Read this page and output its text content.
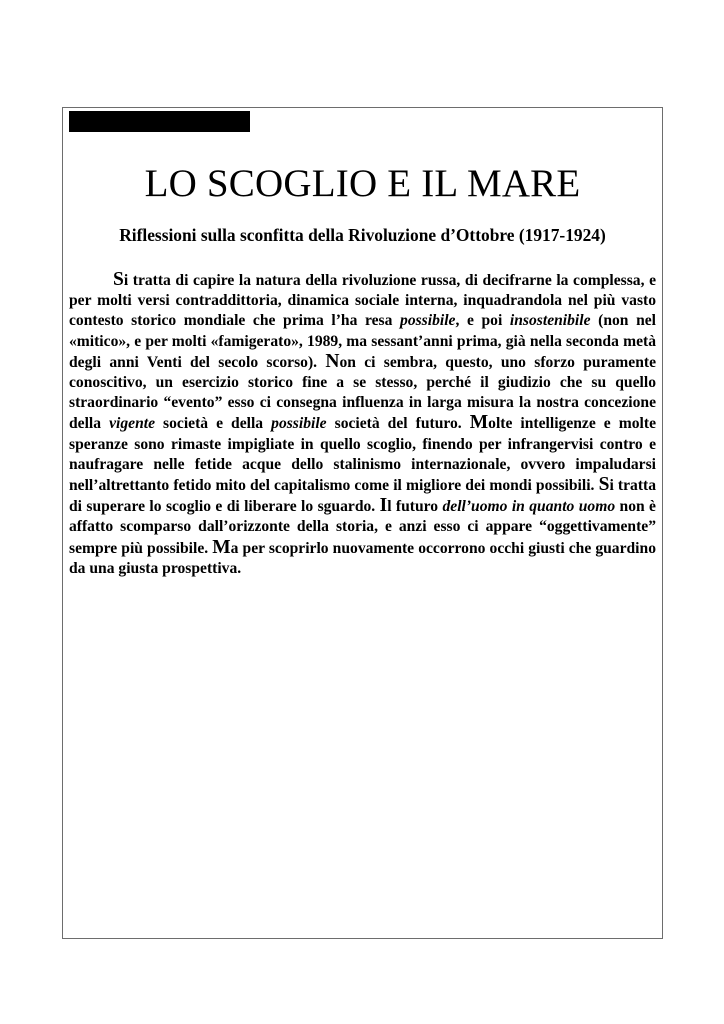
LO SCOGLIO E IL MARE
Riflessioni sulla sconfitta della Rivoluzione d’Ottobre (1917-1924)

Si tratta di capire la natura della rivoluzione russa, di decifrarne la complessa, e per molti versi contraddittoria, dinamica sociale interna, inquadrandola nel più vasto contesto storico mondiale che prima l’ha resa possibile, e poi insostenibile (non nel «mitico», e per molti «famigerato», 1989, ma sessant’anni prima, già nella seconda metà degli anni Venti del secolo scorso). Non ci sembra, questo, uno sforzo puramente conoscitivo, un esercizio storico fine a se stesso, perché il giudizio che su quello straordinario “evento” esso ci consegna influenza in larga misura la nostra concezione della vigente società e della possibile società del futuro. Molte intelligenze e molte speranze sono rimaste impigliate in quello scoglio, finendo per infrangervisi contro e naufragare nelle fetide acque dello stalinismo internazionale, ovvero impaludarsi nell’altrettanto fetido mito del capitalismo come il migliore dei mondi possibili. Si tratta di superare lo scoglio e di liberare lo sguardo. Il futuro dell’uomo in quanto uomo non è affatto scomparso dall’orizzonte della storia, e anzi esso ci appare “oggettivamente” sempre più possibile. Ma per scoprirlo nuovamente occorrono occhi giusti che guardino da una giusta prospettiva.
